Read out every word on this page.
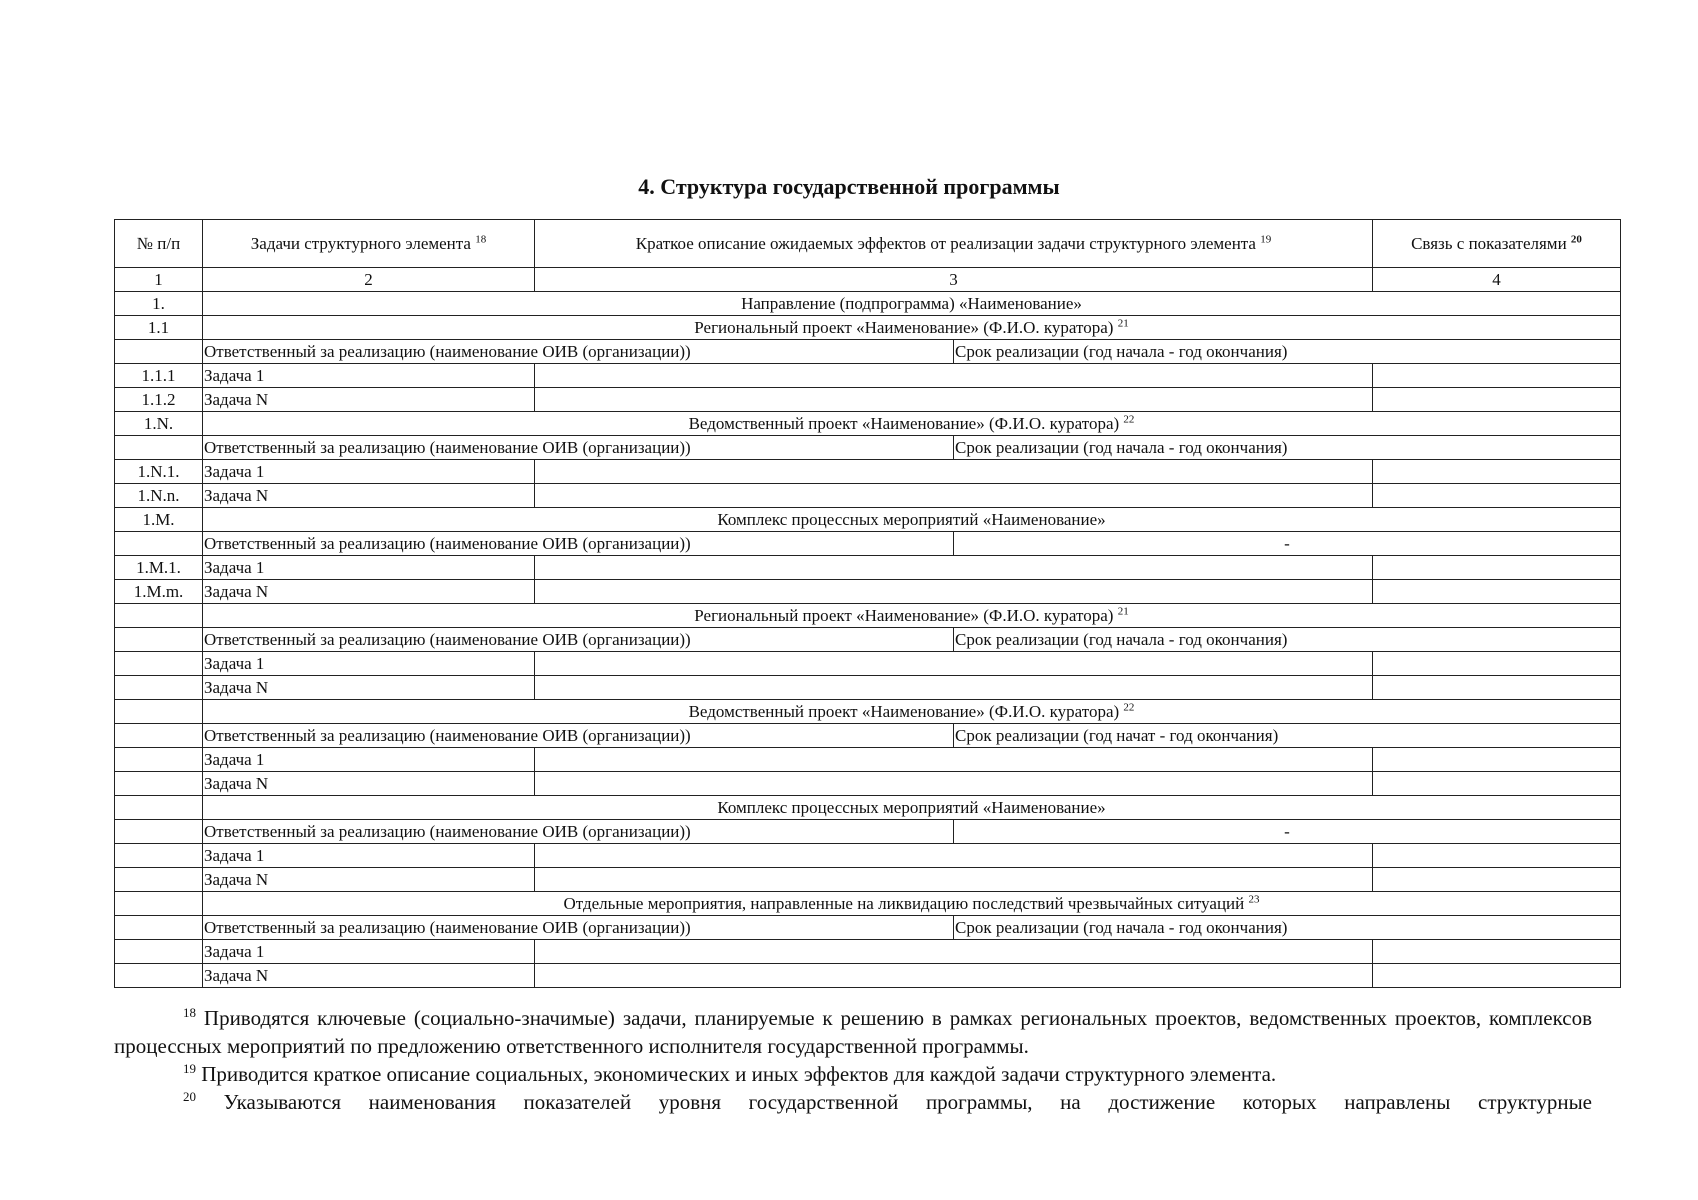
4. Структура государственной программы
№ п/п	Задачи структурного элемента $^{18}$	Краткое описание ожидаемых эффектов от реализации задачи структурного элемента $^{19}$		Связь с показателями $^{20}$
1	2	3		4
1.	Направление (подпрограмма) «Наименование»			
1.1	Региональный проект «Наименование» (Ф.И.О. куратора) $^{21}$
	Ответственный за реализацию (наименование ОИВ (организации))		Срок реализации (год начала - год окончания)	
1.1.1	Задача 1			
1.1.2	Задача N			
1.N.	Ведомственный проект «Наименование» (Ф.И.О. куратора) $^{22}$
	Ответственный за реализацию (наименование ОИВ (организации))		Срок реализации (год начала - год окончания)	
1.N.1.	Задача 1			
1.N.n.	Задача N			
1.M.	Комплекс процессных мероприятий «Наименование»			
	Ответственный за реализацию (наименование ОИВ (организации))		-	
1.M.1.	Задача 1			
1.M.m.	Задача N			
	Региональный проект «Наименование» (Ф.И.О. куратора) $^{21}$
	Ответственный за реализацию (наименование ОИВ (организации))		Срок реализации (год начала - год окончания)	
	Задача 1			
	Задача N			
	Ведомственный проект «Наименование» (Ф.И.О. куратора) $^{22}$
	Ответственный за реализацию (наименование ОИВ (организации))		Срок реализации (год начат - год окончания)	
	Задача 1			
	Задача N			
	Комплекс процессных мероприятий «Наименование»			
	Ответственный за реализацию (наименование ОИВ (организации))		-	
	Задача 1			
	Задача N			
	Отдельные мероприятия, направленные на ликвидацию последствий чрезвычайных ситуаций $^{23}$
	Ответственный за реализацию (наименование ОИВ (организации))		Срок реализации (год начала - год окончания)	
	Задача 1			
	Задача N			

$^{18}$ Приводятся ключевые (социально-значимые) задачи, планируемые к решению в рамках региональных проектов, ведомственных проектов, комплексов процессных мероприятий по предложению ответственного исполнителя государственной программы.

$^{19}$ Приводится краткое описание социальных, экономических и иных эффектов для каждой задачи структурного элемента.

$^{20}$ Указываются наименования показателей уровня государственной программы, на достижение которых направлены структурные
